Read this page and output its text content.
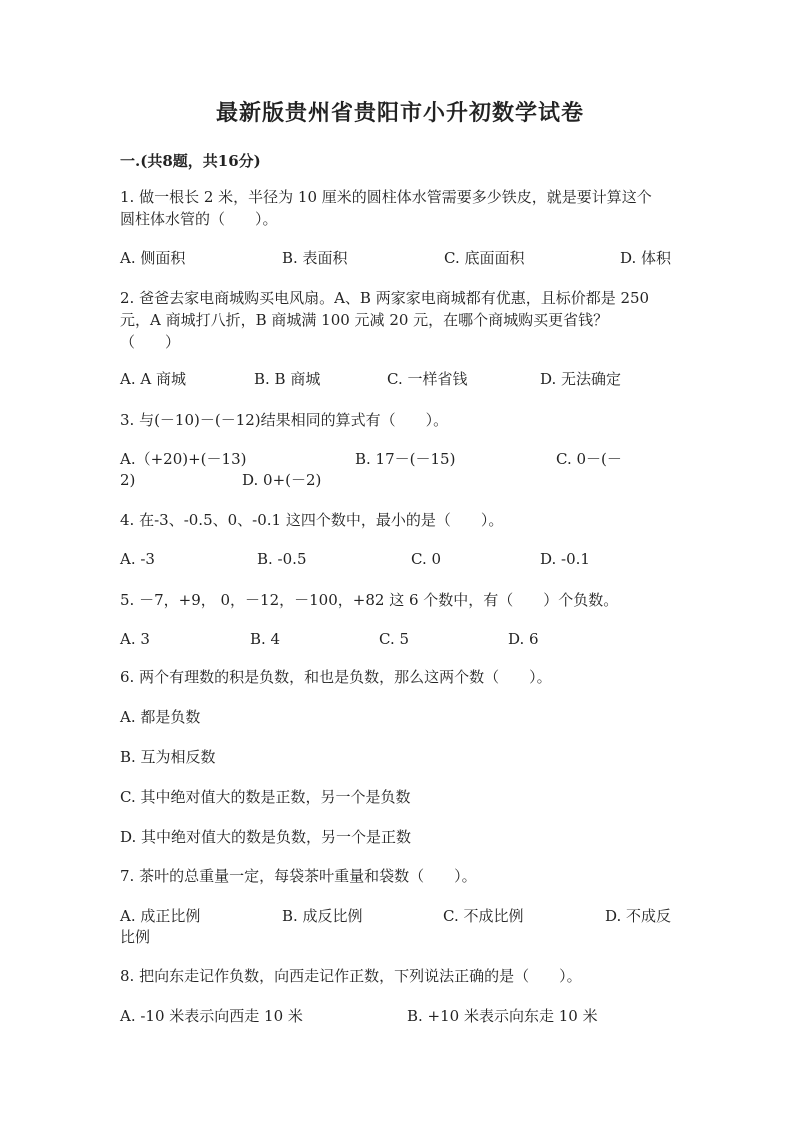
最新版贵州省贵阳市小升初数学试卷
一.(共8题，共16分)
1. 做一根长 2 米，半径为 10 厘米的圆柱体水管需要多少铁皮，就是要计算这个
圆柱体水管的（　　）。
A. 侧面积	B. 表面积	C. 底面面积	D. 体积
2. 爸爸去家电商城购买电风扇。A、B 两家家电商城都有优惠，且标价都是 250
元，A 商城打八折，B 商城满 100 元减 20 元，在哪个商城购买更省钱？
（　　）
A. A 商城	B. B 商城	C. 一样省钱	D. 无法确定
3. 与(－10)－(－12)结果相同的算式有（　　）。
A.（+20)+(－13)	B. 17－(－15)	C. 0－(－
2)	D. 0+(－2)
4. 在-3、-0.5、0、-0.1 这四个数中，最小的是（　　）。
A. -3	B. -0.5	C. 0	D. -0.1
5. －7，+9， 0，－12，－100，+82 这 6 个数中，有（　　）个负数。
A. 3	B. 4	C. 5	D. 6
6. 两个有理数的积是负数，和也是负数，那么这两个数（　　）。
A. 都是负数
B. 互为相反数
C. 其中绝对值大的数是正数，另一个是负数
D. 其中绝对值大的数是负数，另一个是正数
7. 茶叶的总重量一定，每袋茶叶重量和袋数（　　）。
A. 成正比例	B. 成反比例	C. 不成比例	D. 不成反
比例
8. 把向东走记作负数，向西走记作正数，下列说法正确的是（　　）。
A. -10 米表示向西走 10 米	B. +10 米表示向东走 10 米
